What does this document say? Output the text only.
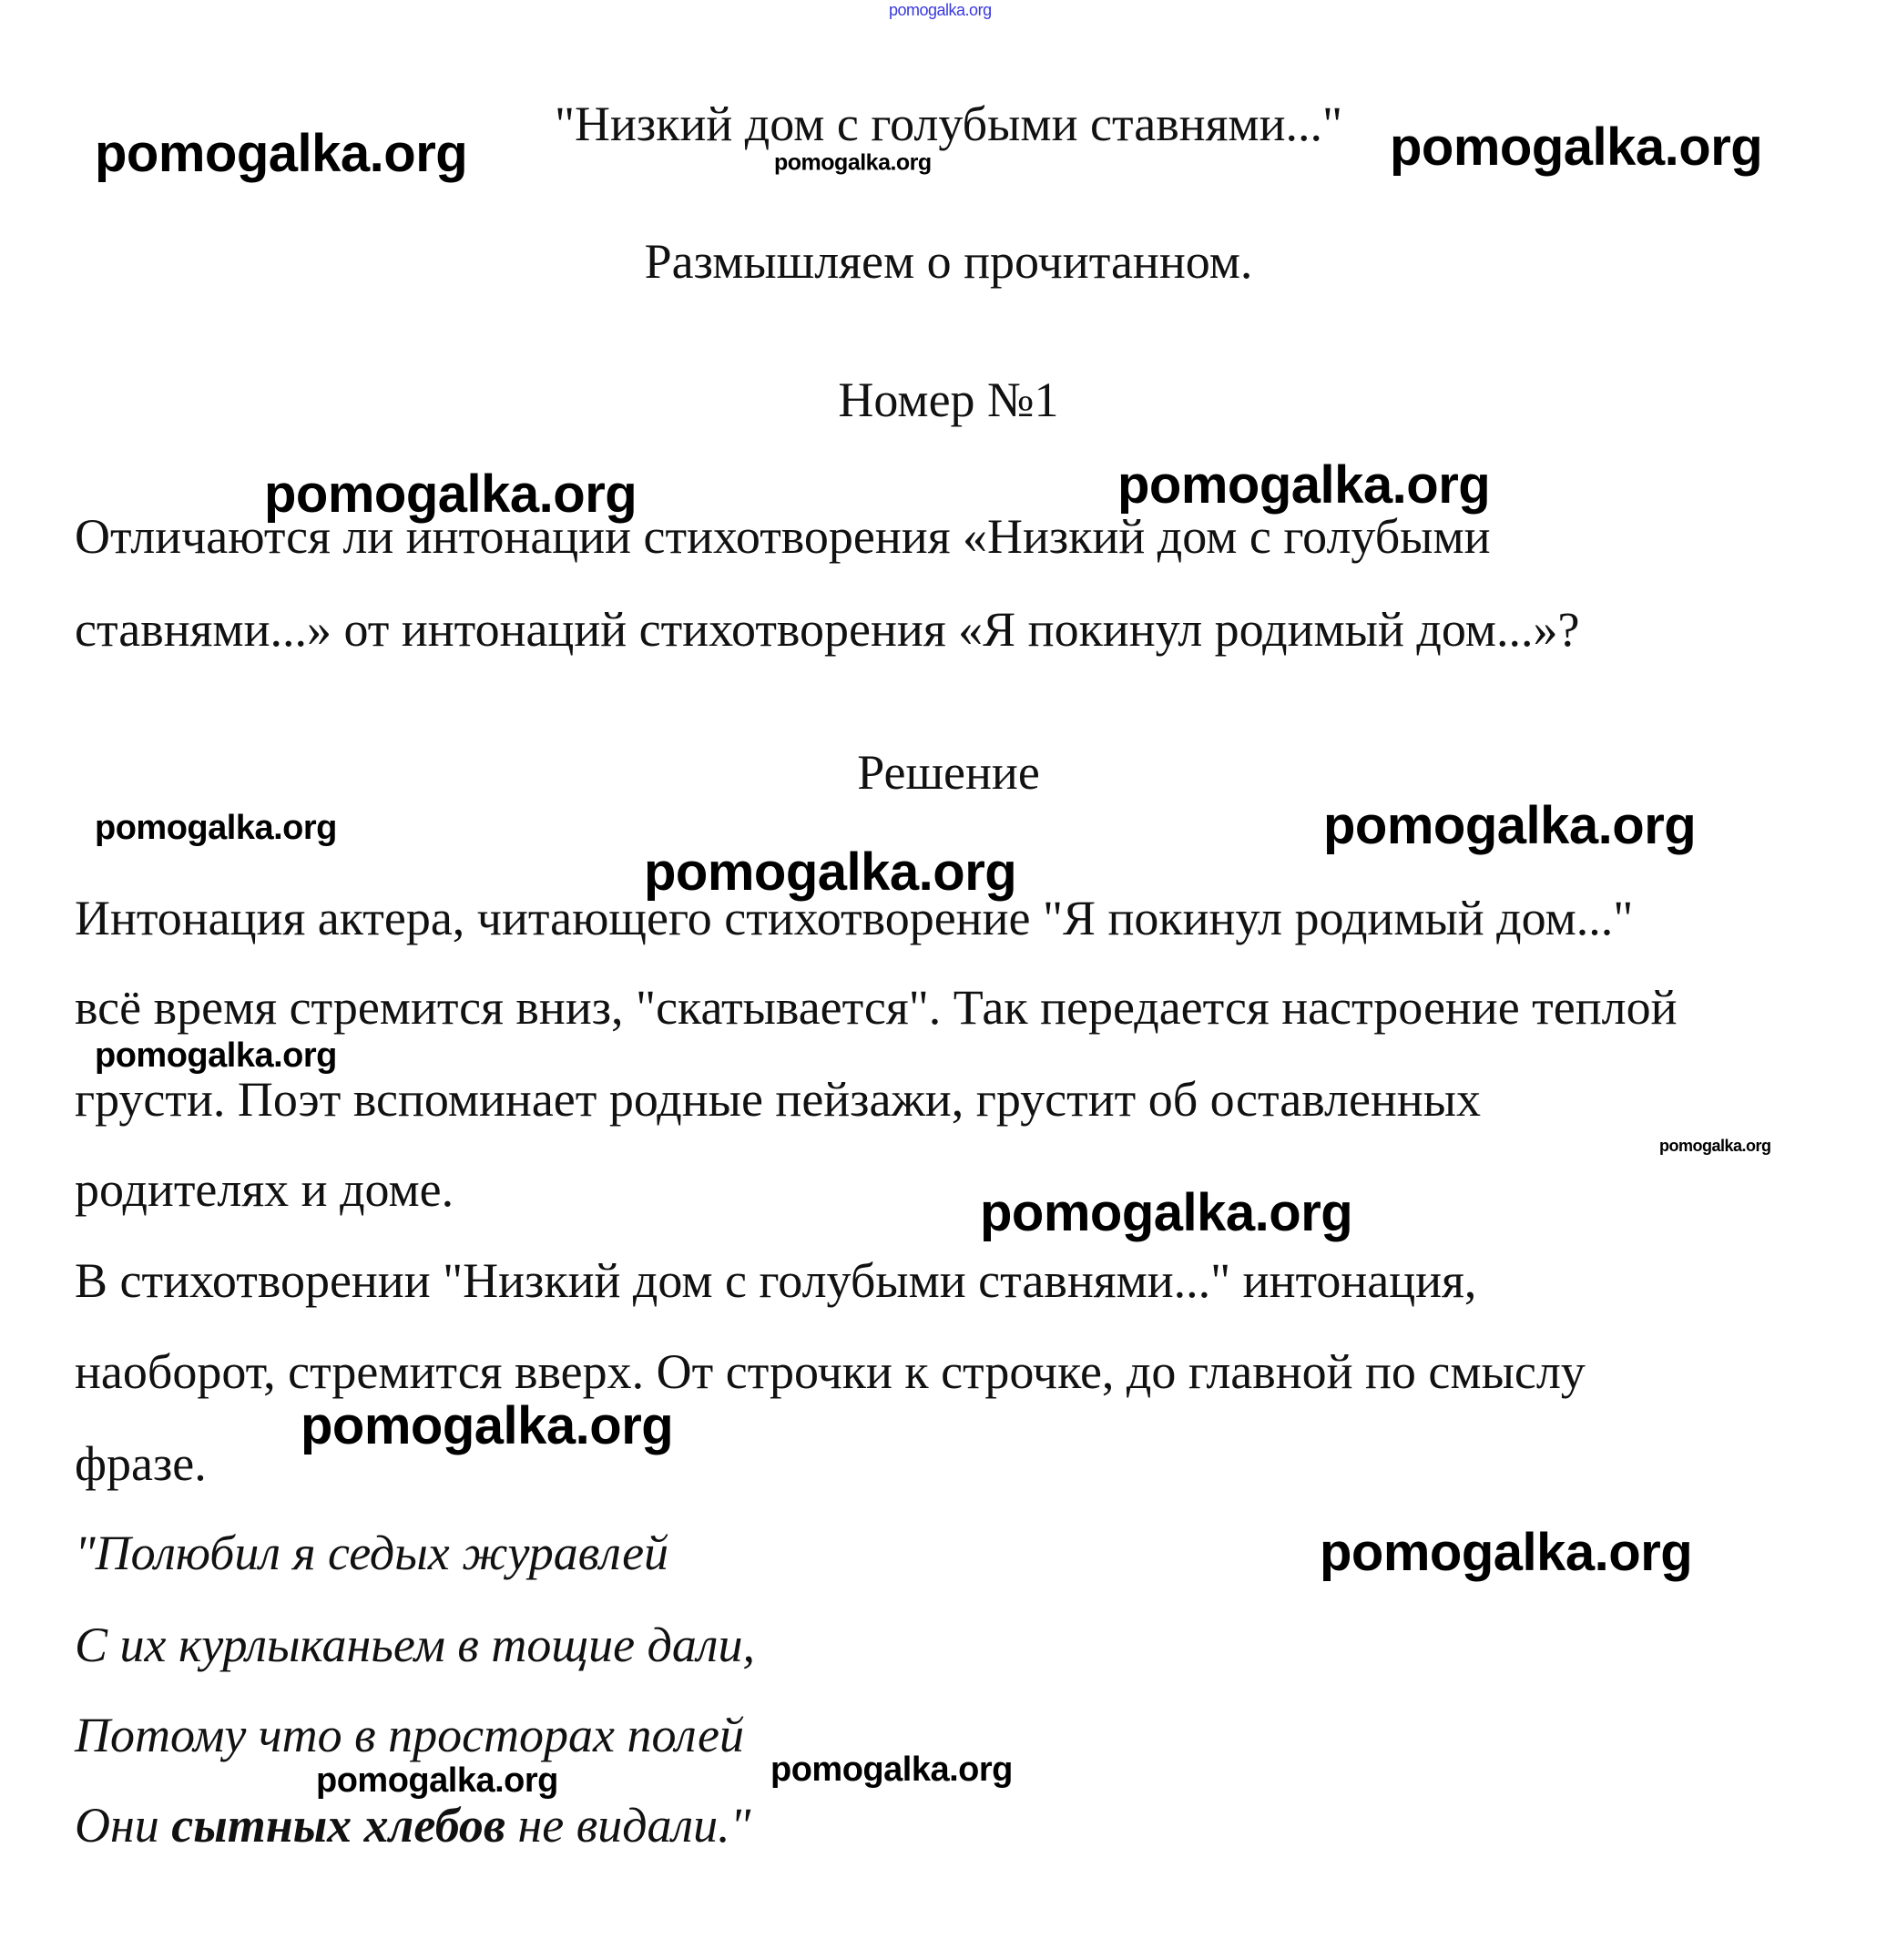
pomogalka.org
pomogalka.org	pomogalka.org	pomogalka.org
pomogalka.org	pomogalka.org
pomogalka.org	pomogalka.org
pomogalka.org
pomogalka.org
pomogalka.org
pomogalka.org
pomogalka.org
pomogalka.org
pomogalka.org	pomogalka.org
"Низкий дом с голубыми ставнями..."
Размышляем о прочитанном.
Номер №1
Отличаются ли интонации стихотворения «Низкий дом с голубыми
ставнями...» от интонаций стихотворения «Я покинул родимый дом...»?
Решение
Интонация актера, читающего стихотворение "Я покинул родимый дом..."
всё время стремится вниз, "скатывается". Так передается настроение теплой
грусти. Поэт вспоминает родные пейзажи, грустит об оставленных
родителях и доме.
В стихотворении "Низкий дом с голубыми ставнями..." интонация,
наоборот, стремится вверх. От строчки к строчке, до главной по смыслу
фразе.
"Полюбил я седых журавлей
С их курлыканьем в тощие дали,
Потому что в просторах полей
Они сытных хлебов не видали."
